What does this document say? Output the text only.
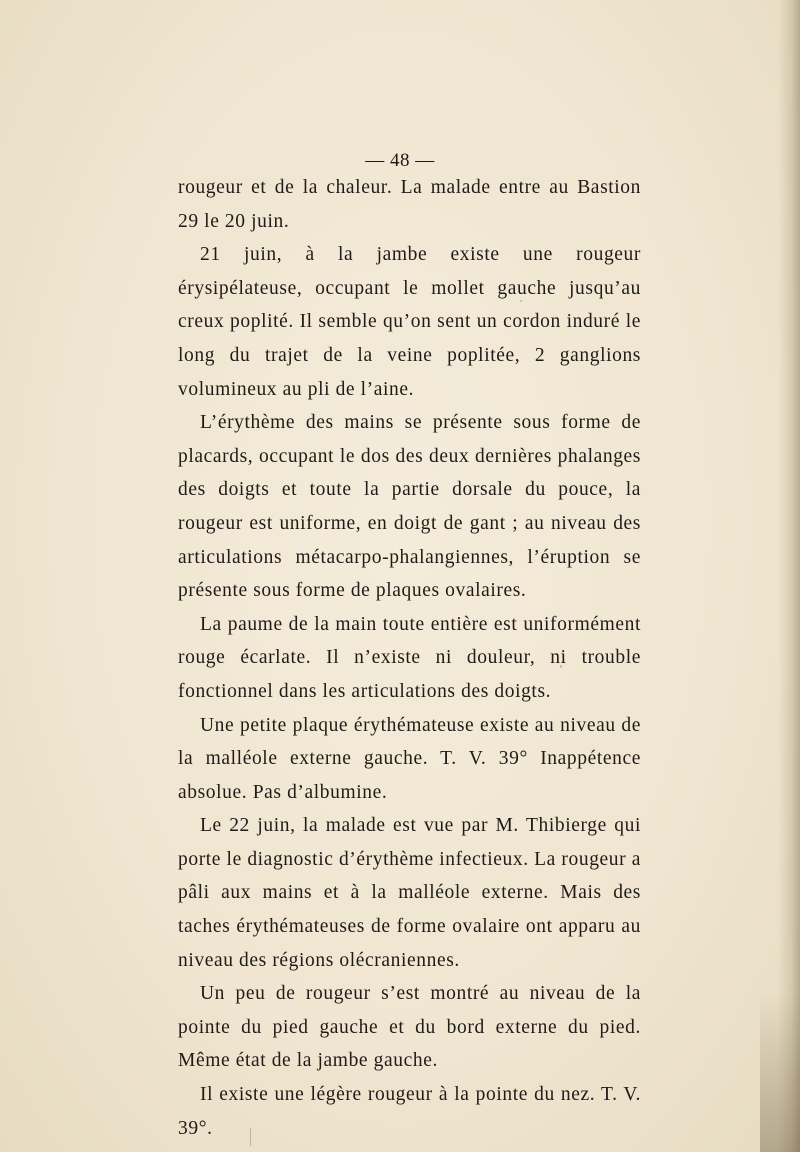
— 48 —

rougeur et de la chaleur. La malade entre au Bastion 29 le 20 juin.

21 juin, à la jambe existe une rougeur érysipélateuse, occupant le mollet gauche jusqu’au creux poplité. Il semble qu’on sent un cordon induré le long du trajet de la veine poplitée, 2 ganglions volumineux au pli de l’aine.

L’érythème des mains se présente sous forme de placards, occupant le dos des deux dernières phalanges des doigts et toute la partie dorsale du pouce, la rougeur est uniforme, en doigt de gant ; au niveau des articulations métacarpo-phalangiennes, l’éruption se présente sous forme de plaques ovalaires.

La paume de la main toute entière est uniformément rouge écarlate. Il n’existe ni douleur, ni trouble fonctionnel dans les articulations des doigts.

Une petite plaque érythémateuse existe au niveau de la malléole externe gauche. T. V. 39° Inappétence absolue. Pas d’albumine.

Le 22 juin, la malade est vue par M. Thibierge qui porte le diagnostic d’érythème infectieux. La rougeur a pâli aux mains et à la malléole externe. Mais des taches érythémateuses de forme ovalaire ont apparu au niveau des régions olécraniennes.

Un peu de rougeur s’est montré au niveau de la pointe du pied gauche et du bord externe du pied. Même état de la jambe gauche.

Il existe une légère rougeur à la pointe du nez. T. V. 39°.
